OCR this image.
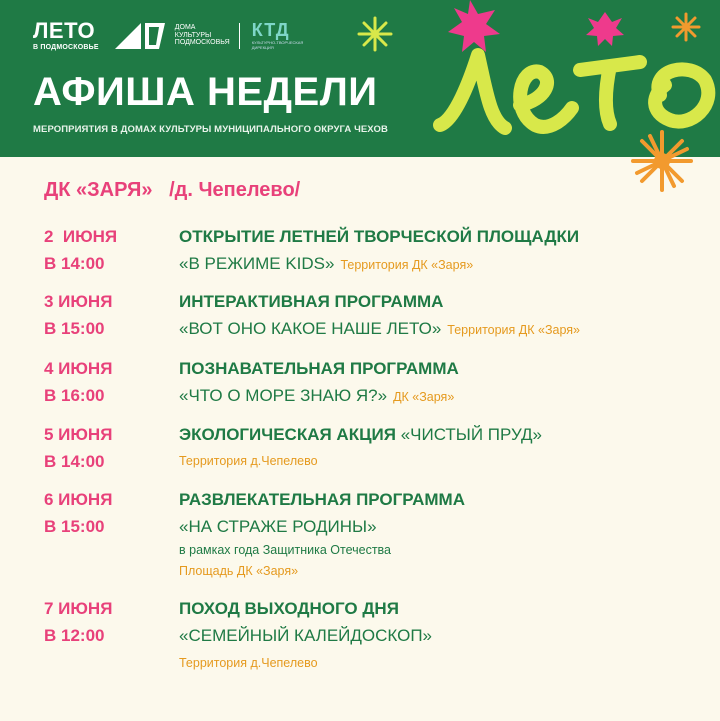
ЛЕТО
В ПОДМОСКОВЬЕ
ДОМА КУЛЬТУРЫ ПОДМОСКОВЬЯ
КТД
КУЛЬТУРНО-ТВОРЧЕСКАЯ ДИРЕКЦИЯ
АФИША НЕДЕЛИ
МЕРОПРИЯТИЯ В ДОМАХ КУЛЬТУРЫ МУНИЦИПАЛЬНОГО ОКРУГА ЧЕХОВ
ДК «ЗАРЯ»   /д. Чепелево/
2  ИЮНЯ
В 14:00
ОТКРЫТИЕ ЛЕТНЕЙ ТВОРЧЕСКОЙ ПЛОЩАДКИ
«В РЕЖИМЕ KIDS» Территория ДК «Заря»
3 ИЮНЯ
В 15:00
ИНТЕРАКТИВНАЯ ПРОГРАММА
«ВОТ ОНО КАКОЕ НАШЕ ЛЕТО» Территория ДК «Заря»
4 ИЮНЯ
В 16:00
ПОЗНАВАТЕЛЬНАЯ ПРОГРАММА
«ЧТО О МОРЕ ЗНАЮ Я?» ДК «Заря»
5 ИЮНЯ
В 14:00
ЭКОЛОГИЧЕСКАЯ АКЦИЯ «ЧИСТЫЙ ПРУД»
Территория д.Чепелево
6 ИЮНЯ
В 15:00
РАЗВЛЕКАТЕЛЬНАЯ ПРОГРАММА
«НА СТРАЖЕ РОДИНЫ»
в рамках года Защитника Отечества
Площадь ДК «Заря»
7 ИЮНЯ
В 12:00
ПОХОД ВЫХОДНОГО ДНЯ
«СЕМЕЙНЫЙ КАЛЕЙДОСКОП»
Территория д.Чепелево
